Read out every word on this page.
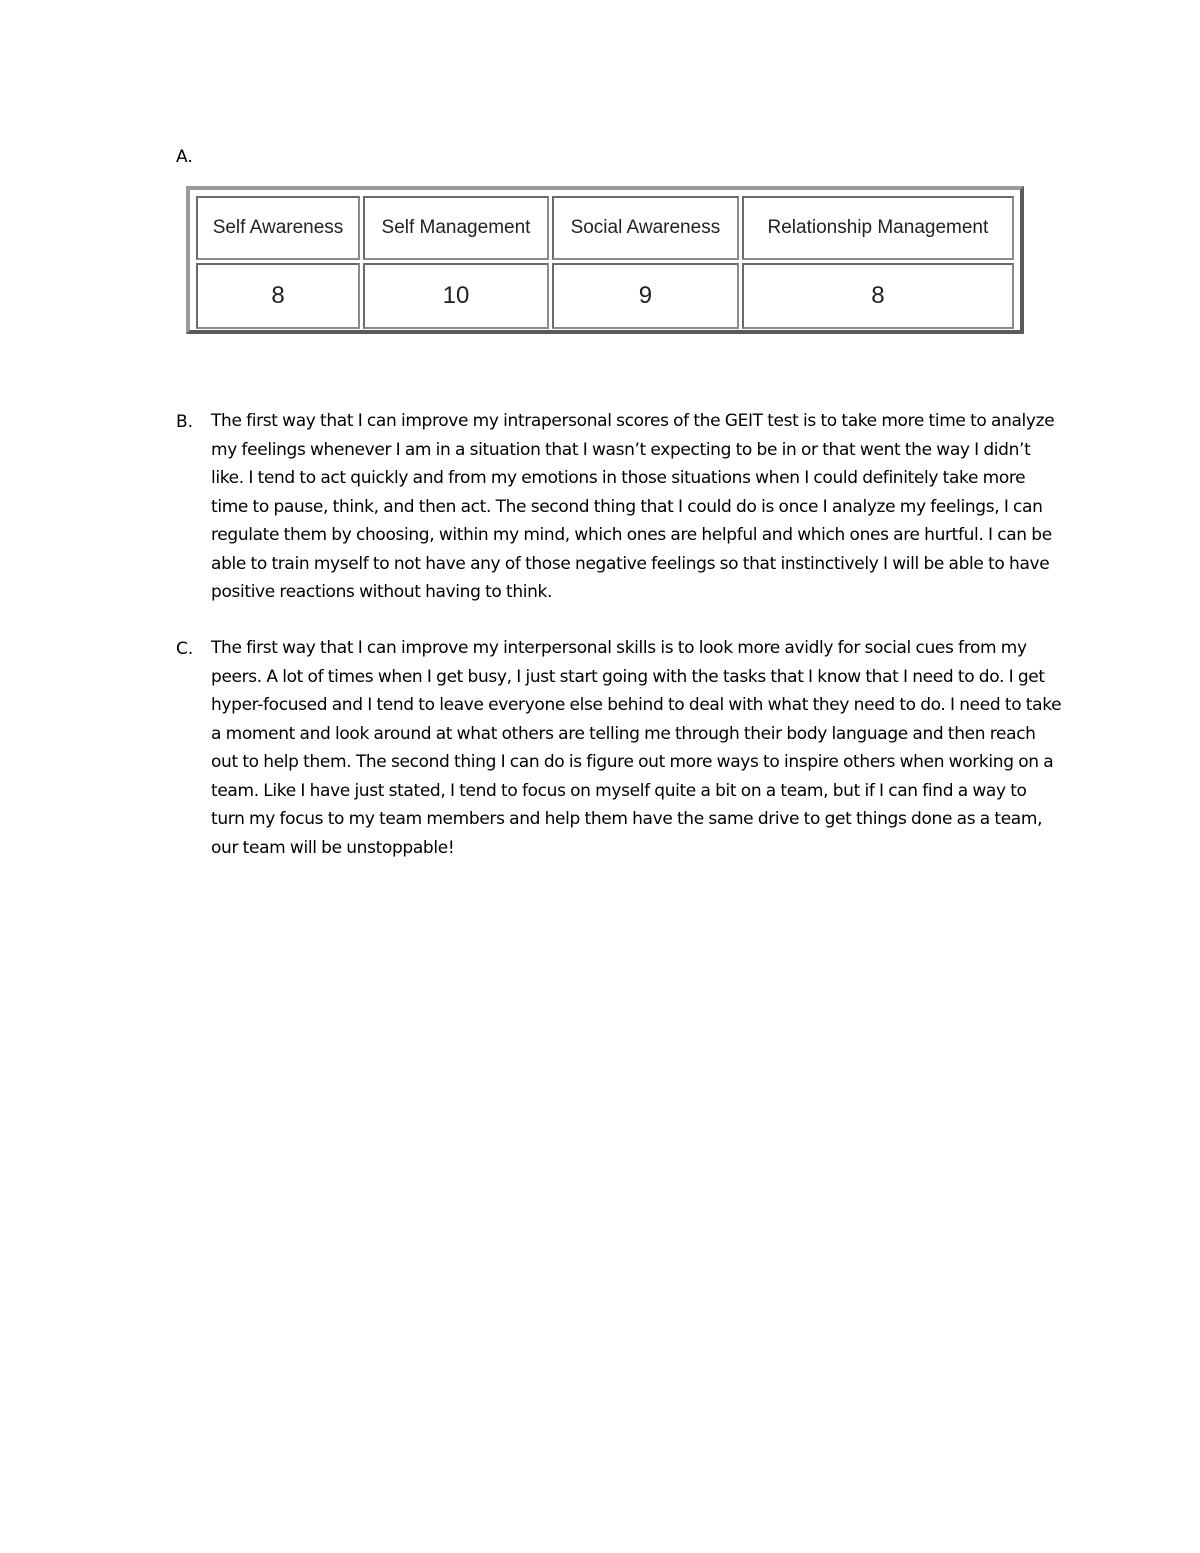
A.
Self Awareness	Self Management	Social Awareness	Relationship Management
8	10	9	8
B. The first way that I can improve my intrapersonal scores of the GEIT test is to take more time to analyze my feelings whenever I am in a situation that I wasn’t expecting to be in or that went the way I didn’t like. I tend to act quickly and from my emotions in those situations when I could definitely take more time to pause, think, and then act. The second thing that I could do is once I analyze my feelings, I can regulate them by choosing, within my mind, which ones are helpful and which ones are hurtful. I can be able to train myself to not have any of those negative feelings so that instinctively I will be able to have positive reactions without having to think.
C. The first way that I can improve my interpersonal skills is to look more avidly for social cues from my peers. A lot of times when I get busy, I just start going with the tasks that I know that I need to do. I get hyper-focused and I tend to leave everyone else behind to deal with what they need to do. I need to take a moment and look around at what others are telling me through their body language and then reach out to help them. The second thing I can do is figure out more ways to inspire others when working on a team. Like I have just stated, I tend to focus on myself quite a bit on a team, but if I can find a way to turn my focus to my team members and help them have the same drive to get things done as a team, our team will be unstoppable!
